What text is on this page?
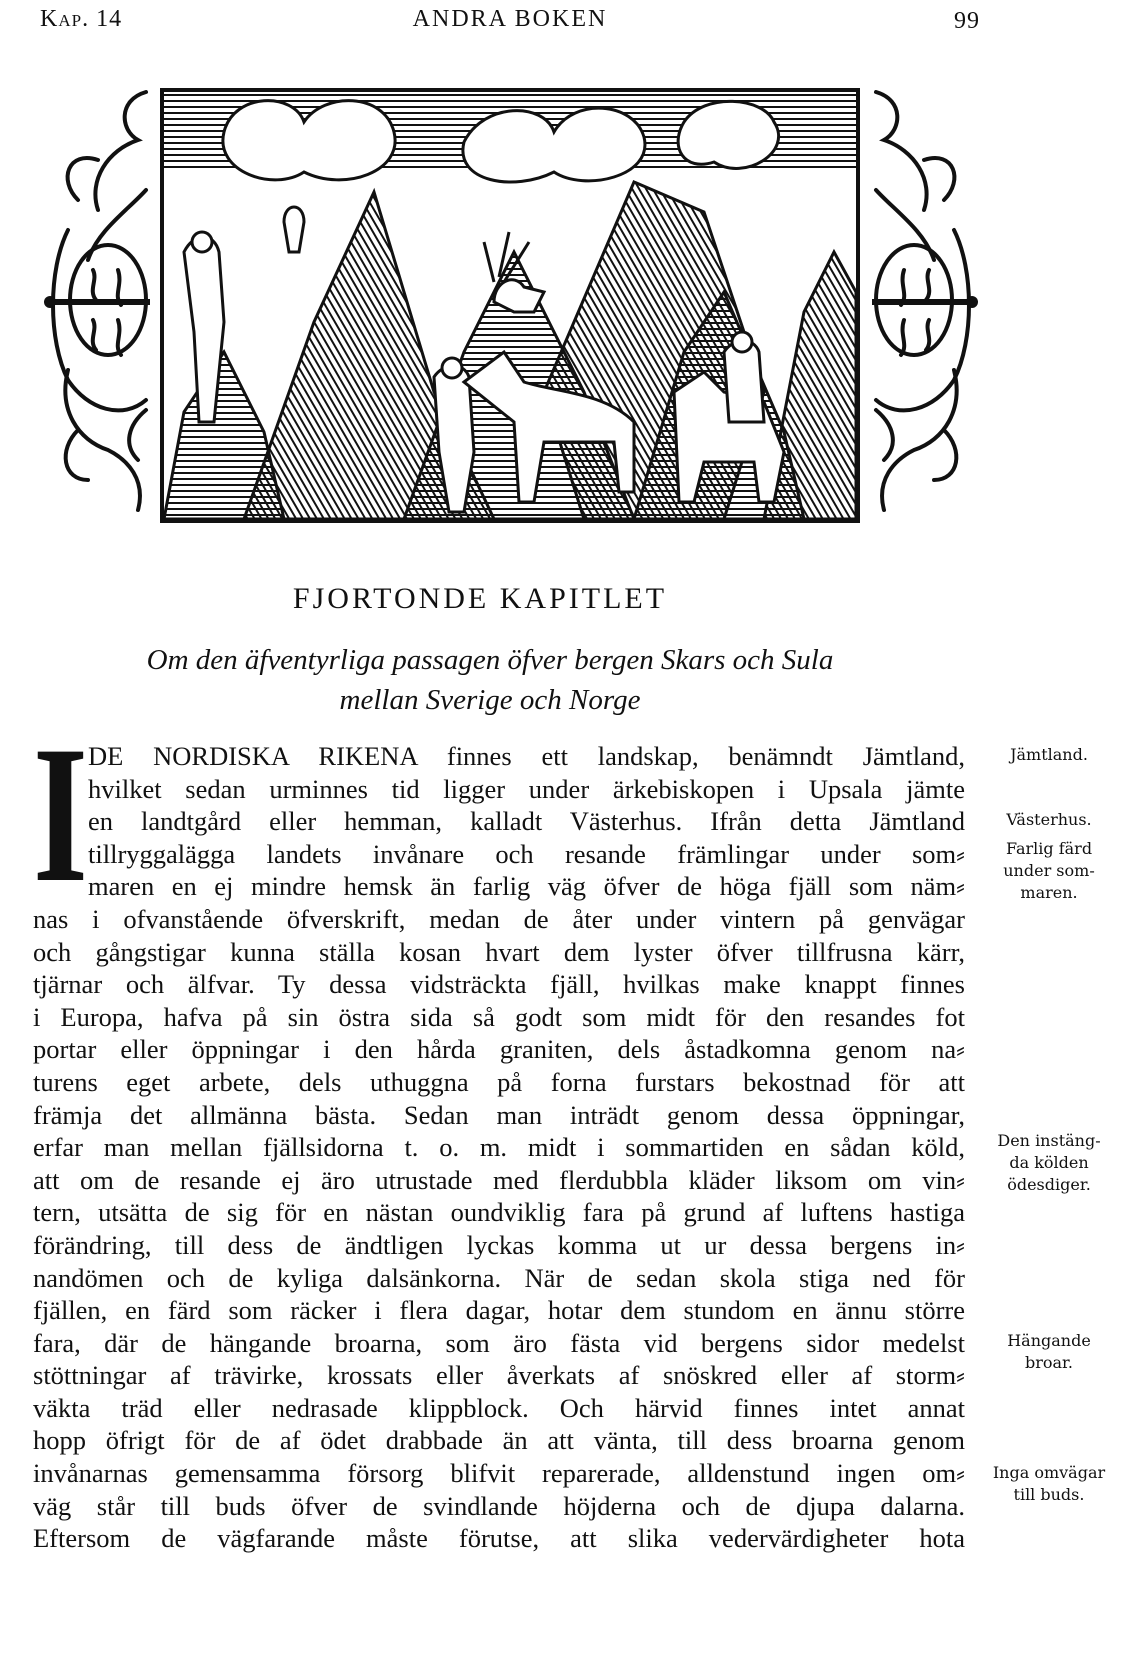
Kap. 14	ANDRA BOKEN	99
FJORTONDE KAPITLET
Om den äfventyrliga passagen öfver bergen Skars och Sula
mellan Sverige och Norge
I DE NORDISKA RIKENA finnes ett landskap, benämndt Jämtland,
hvilket sedan urminnes tid ligger under ärkebiskopen i Upsala jämte
en landtgård eller hemman, kalladt Västerhus. Ifrån detta Jämtland
tillryggalägga landets invånare och resande främlingar under som⸗
maren en ej mindre hemsk än farlig väg öfver de höga fjäll som näm⸗
nas i ofvanstående öfverskrift, medan de åter under vintern på genvägar
och gångstigar kunna ställa kosan hvart dem lyster öfver tillfrusna kärr,
tjärnar och älfvar. Ty dessa vidsträckta fjäll, hvilkas make knappt finnes
i Europa, hafva på sin östra sida så godt som midt för den resandes fot
portar eller öppningar i den hårda graniten, dels åstadkomna genom na⸗
turens eget arbete, dels uthuggna på forna furstars bekostnad för att
främja det allmänna bästa. Sedan man inträdt genom dessa öppningar,
erfar man mellan fjällsidorna t. o. m. midt i sommartiden en sådan köld,
att om de resande ej äro utrustade med flerdubbla kläder liksom om vin⸗
tern, utsätta de sig för en nästan oundviklig fara på grund af luftens hastiga
förändring, till dess de ändtligen lyckas komma ut ur dessa bergens in⸗
nandömen och de kyliga dalsänkorna. När de sedan skola stiga ned för
fjällen, en färd som räcker i flera dagar, hotar dem stundom en ännu större
fara, där de hängande broarna, som äro fästa vid bergens sidor medelst
stöttningar af trävirke, krossats eller åverkats af snöskred eller af storm⸗
väkta träd eller nedrasade klippblock. Och härvid finnes intet annat
hopp öfrigt för de af ödet drabbade än att vänta, till dess broarna genom
invånarnas gemensamma försorg blifvit reparerade, alldenstund ingen om⸗
väg står till buds öfver de svindlande höjderna och de djupa dalarna.
Eftersom de vägfarande måste förutse, att slika vedervärdigheter hota
Jämtland.
Västerhus.
Farlig färd
under som-
maren.
Den instäng-
da kölden
ödesdiger.
Hängande
broar.
Inga omvägar
till buds.
